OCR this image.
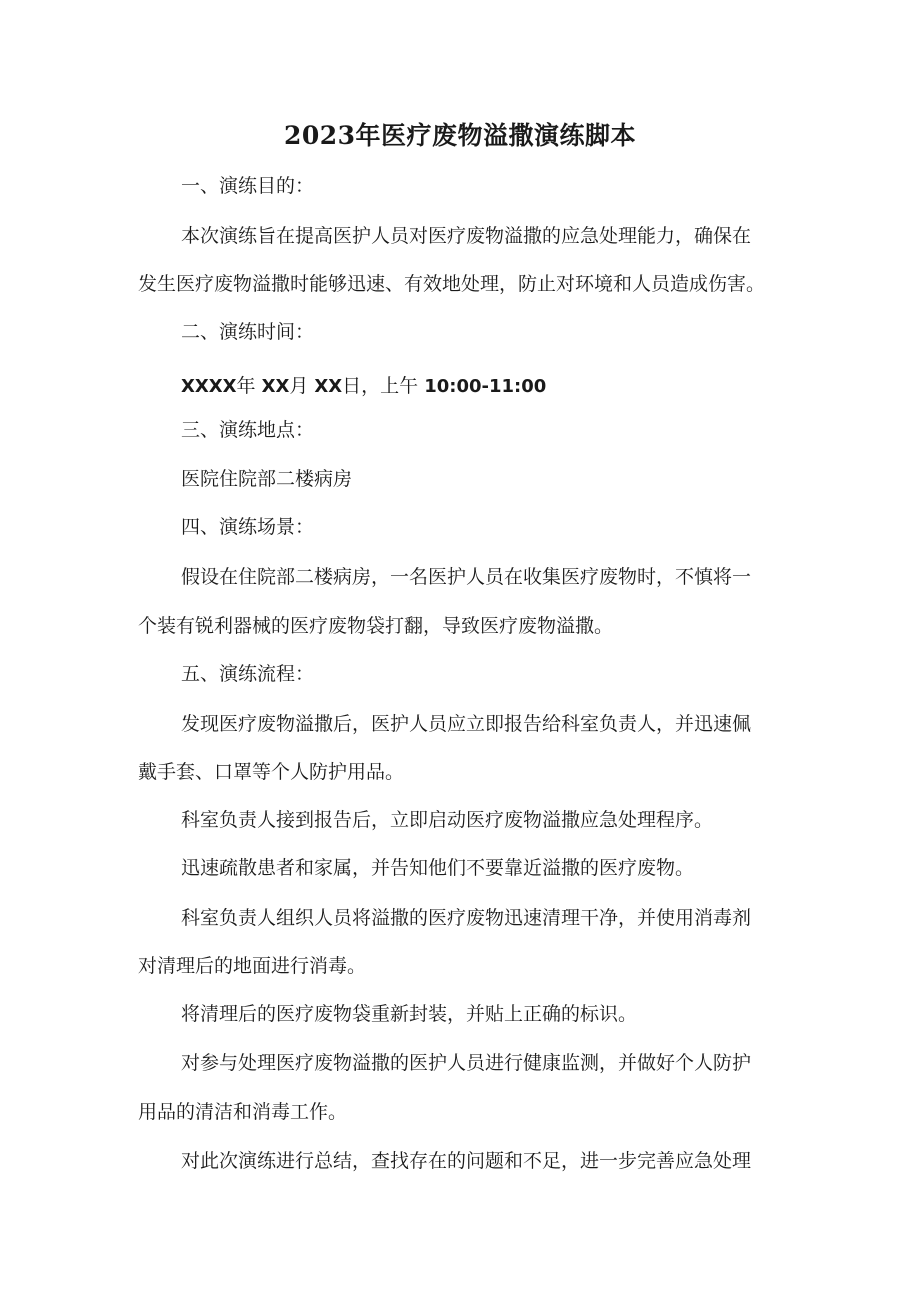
2023年医疗废物溢撒演练脚本
一、演练目的：
本次演练旨在提高医护人员对医疗废物溢撒的应急处理能力，确保在
发生医疗废物溢撒时能够迅速、有效地处理，防止对环境和人员造成伤害。
二、演练时间：
XXXX年 XX月 XX日，上午 10:00-11:00
三、演练地点：
医院住院部二楼病房
四、演练场景：
假设在住院部二楼病房，一名医护人员在收集医疗废物时，不慎将一
个装有锐利器械的医疗废物袋打翻，导致医疗废物溢撒。
五、演练流程：
发现医疗废物溢撒后，医护人员应立即报告给科室负责人，并迅速佩
戴手套、口罩等个人防护用品。
科室负责人接到报告后，立即启动医疗废物溢撒应急处理程序。
迅速疏散患者和家属，并告知他们不要靠近溢撒的医疗废物。
科室负责人组织人员将溢撒的医疗废物迅速清理干净，并使用消毒剂
对清理后的地面进行消毒。
将清理后的医疗废物袋重新封装，并贴上正确的标识。
对参与处理医疗废物溢撒的医护人员进行健康监测，并做好个人防护
用品的清洁和消毒工作。
对此次演练进行总结，查找存在的问题和不足，进一步完善应急处理
